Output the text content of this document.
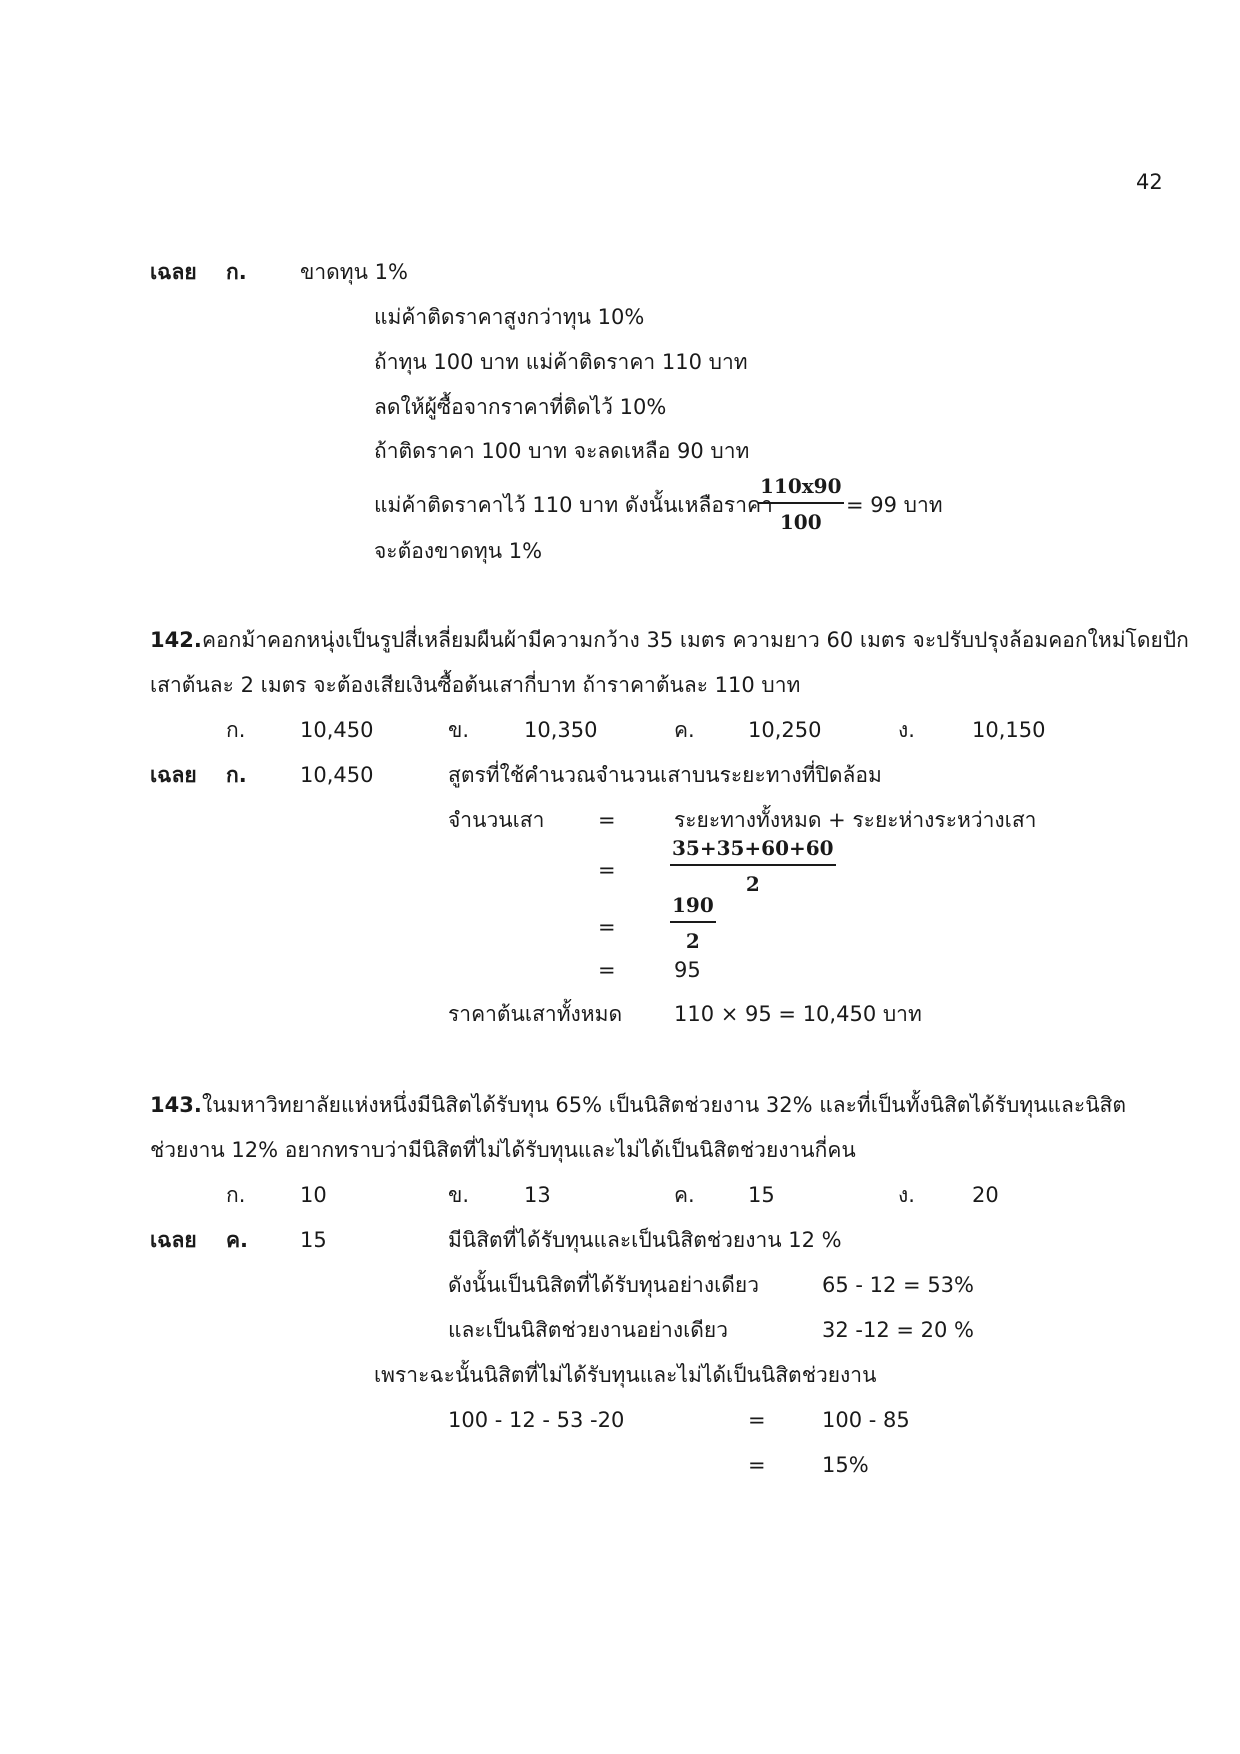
42
เฉลย ก.	ขาดทุน 1%
แม่ค้าติดราคาสูงกว่าทุน 10%
ถ้าทุน 100 บาท แม่ค้าติดราคา 110 บาท
ลดให้ผู้ซื้อจากราคาที่ติดไว้ 10%
ถ้าติดราคา 100 บาท จะลดเหลือ 90 บาท
แม่ค้าติดราคาไว้ 110 บาท ดังนั้นเหลือราคา
$\frac{110x90}{100} = 99$ บาท
จะต้องขาดทุน 1%
142. คอกม้าคอกหนุ่งเป็นรูปสี่เหลี่ยมผืนผ้ามีความกว้าง 35 เมตร ความยาว 60 เมตร จะปรับปรุงล้อมคอกใหม่โดยปัก
เสาต้นละ 2 เมตร จะต้องเสียเงินซื้อต้นเสากี่บาท ถ้าราคาต้นละ 110 บาท
ก.	10,450	ข.	10,350	ค.	10,250	ง.	10,150
เฉลย ก.	10,450	สูตรที่ใช้คำนวณจำนวนเสาบนระยะทางที่ปิดล้อม
จำนวนเสา	=	ระยะทางทั้งหมด + ระยะห่างระหว่างเสา
=	$\frac{35+35+60+60}{2}$
=	$\frac{190}{2}$
=	95
ราคาต้นเสาทั้งหมด 110 × 95 = 10,450 บาท
143. ในมหาวิทยาลัยแห่งหนึ่งมีนิสิตได้รับทุน 65% เป็นนิสิตช่วยงาน 32% และที่เป็นทั้งนิสิตได้รับทุนและนิสิต
ช่วยงาน 12% อยากทราบว่ามีนิสิตที่ไม่ได้รับทุนและไม่ได้เป็นนิสิตช่วยงานกี่คน
ก.	10	ข.	13	ค.	15	ง.	20
เฉลย ค. 15	มีนิสิตที่ได้รับทุนและเป็นนิสิตช่วยงาน 12 %
ดังนั้นเป็นนิสิตที่ได้รับทุนอย่างเดียว	65 - 12 = 53%
และเป็นนิสิตช่วยงานอย่างเดียว	32 -12 = 20 %
เพราะฉะนั้นนิสิตที่ไม่ได้รับทุนและไม่ได้เป็นนิสิตช่วยงาน
100 - 12 - 53 -20	=	100 - 85
=	15%
